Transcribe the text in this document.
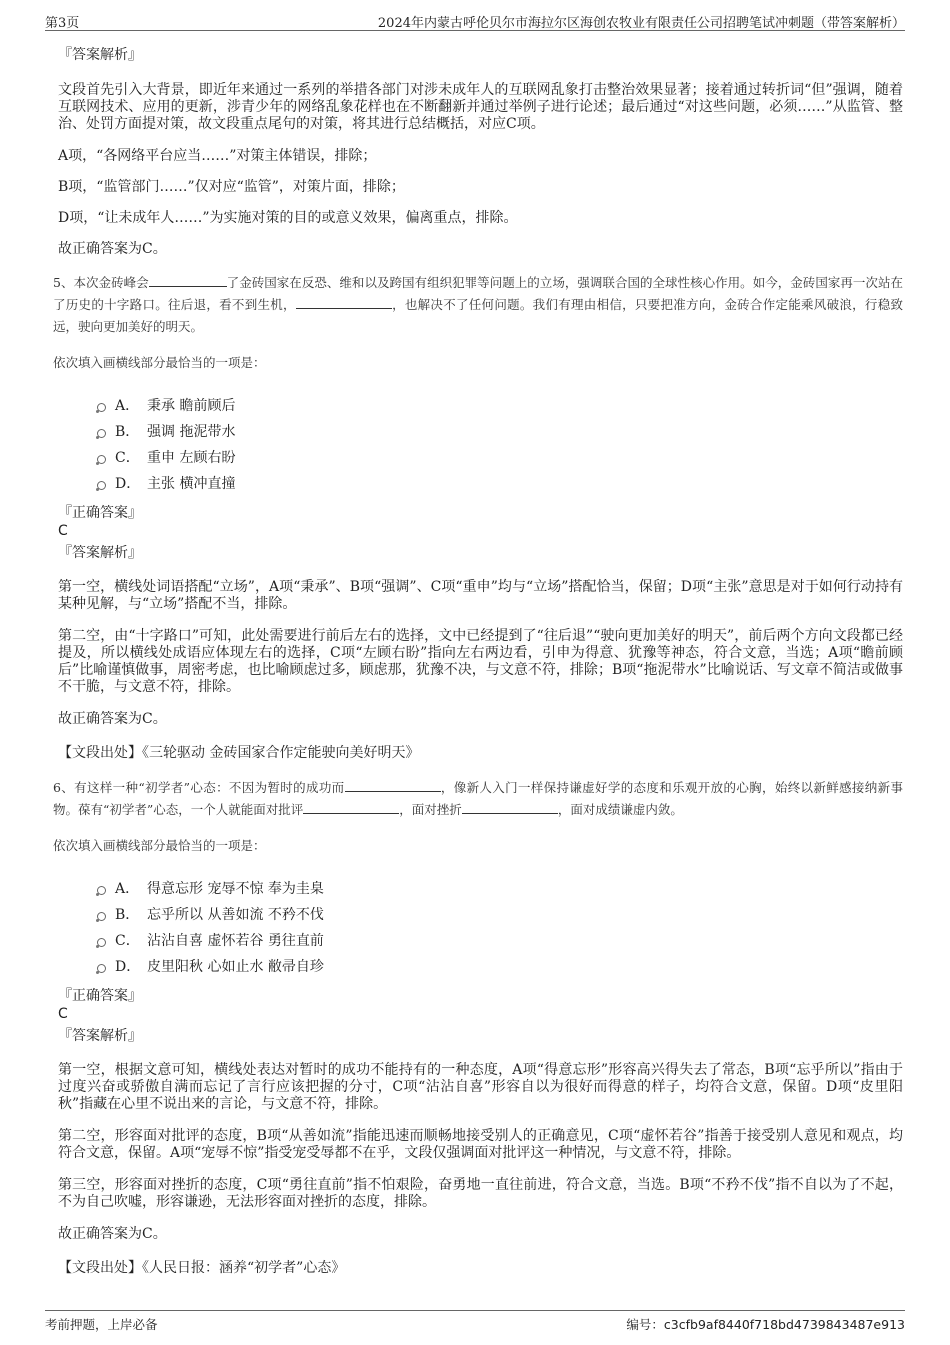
第3页	2024年内蒙古呼伦贝尔市海拉尔区海创农牧业有限责任公司招聘笔试冲刺题（带答案解析）
『答案解析』

文段首先引入大背景，即近年来通过一系列的举措各部门对涉未成年人的互联网乱象打击整治效果显著；接着通过转折词“但”强调，随着互联网技术、应用的更新，涉青少年的网络乱象花样也在不断翻新并通过举例子进行论述；最后通过“对这些问题，必须……”从监管、整治、处罚方面提对策，故文段重点尾句的对策，将其进行总结概括，对应C项。

A项，“各网络平台应当……”对策主体错误，排除；

B项，“监管部门……”仅对应“监管”，对策片面，排除；

D项，“让未成年人……”为实施对策的目的或意义效果，偏离重点，排除。

故正确答案为C。

5、本次金砖峰会	了金砖国家在反恐、维和以及跨国有组织犯罪等问题上的立场，强调联合国的全球性核心作用。如今，金砖国家再一次站在了历史的十字路口。往后退，看不到生机，	，也解决不了任何问题。我们有理由相信，只要把准方向，金砖合作定能乘风破浪，行稳致远，驶向更加美好的明天。
依次填入画横线部分最恰当的一项是：
A． 秉承 瞻前顾后
B． 强调 拖泥带水
C． 重申 左顾右盼
D． 主张 横冲直撞
『正确答案』
C
『答案解析』

第一空，横线处词语搭配“立场”，A项“秉承”、B项“强调”、C项“重申”均与“立场”搭配恰当，保留；D项“主张”意思是对于如何行动持有某种见解，与“立场”搭配不当，排除。

第二空，由“十字路口”可知，此处需要进行前后左右的选择，文中已经提到了“往后退”“驶向更加美好的明天”，前后两个方向文段都已经提及，所以横线处成语应体现左右的选择，C项“左顾右盼”指向左右两边看，引申为得意、犹豫等神态，符合文意，当选；A项“瞻前顾后”比喻谨慎做事，周密考虑，也比喻顾虑过多，顾虑那，犹豫不决，与文意不符，排除；B项“拖泥带水”比喻说话、写文章不简洁或做事不干脆，与文意不符，排除。

故正确答案为C。

【文段出处】《三轮驱动 金砖国家合作定能驶向美好明天》

6、有这样一种“初学者”心态：不因为暂时的成功而	，像新人入门一样保持谦虚好学的态度和乐观开放的心胸，始终以新鲜感接纳新事物。葆有“初学者”心态，一个人就能面对批评	，面对挫折	，面对成绩谦虚内敛。
依次填入画横线部分最恰当的一项是：
A． 得意忘形 宠辱不惊 奉为圭臬
B． 忘乎所以 从善如流 不矜不伐
C． 沾沾自喜 虚怀若谷 勇往直前
D． 皮里阳秋 心如止水 敝帚自珍
『正确答案』
C
『答案解析』

第一空，根据文意可知，横线处表达对暂时的成功不能持有的一种态度，A项“得意忘形”形容高兴得失去了常态，B项“忘乎所以”指由于过度兴奋或骄傲自满而忘记了言行应该把握的分寸，C项“沾沾自喜”形容自以为很好而得意的样子，均符合文意，保留。D项“皮里阳秋”指藏在心里不说出来的言论，与文意不符，排除。

第二空，形容面对批评的态度，B项“从善如流”指能迅速而顺畅地接受别人的正确意见，C项“虚怀若谷”指善于接受别人意见和观点，均符合文意，保留。A项“宠辱不惊”指受宠受辱都不在乎，文段仅强调面对批评这一种情况，与文意不符，排除。

第三空，形容面对挫折的态度，C项“勇往直前”指不怕艰险，奋勇地一直往前进，符合文意，当选。B项“不矜不伐”指不自以为了不起，不为自己吹嘘，形容谦逊，无法形容面对挫折的态度，排除。

故正确答案为C。

【文段出处】《人民日报：涵养“初学者”心态》

考前押题，上岸必备	编号：c3cfb9af8440f718bd4739843487e913
